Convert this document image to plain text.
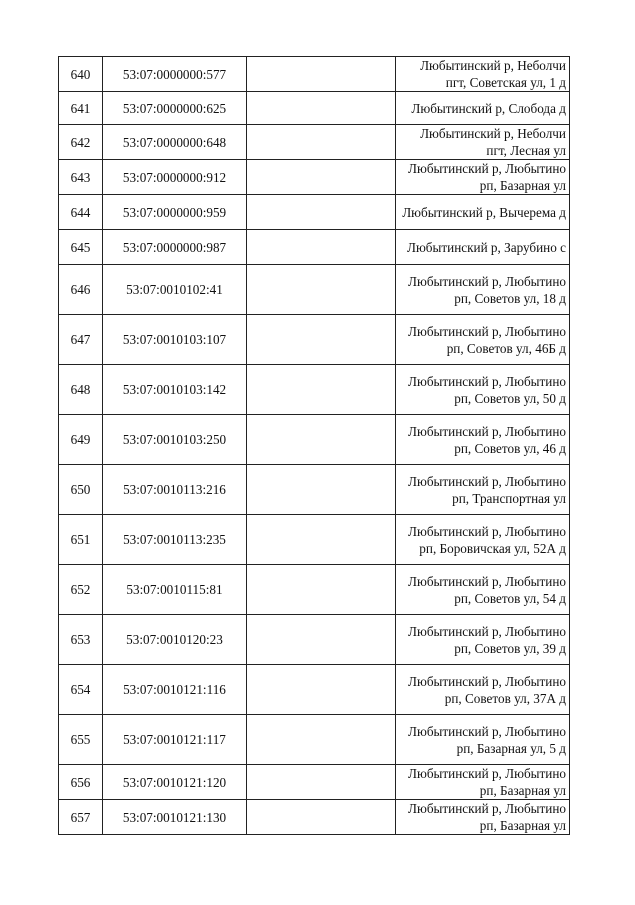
640	53:07:0000000:577		Любытинский р, Неболчи
пгт, Советская ул, 1 д

641	53:07:0000000:625		Любытинский р, Слобода д

642	53:07:0000000:648		Любытинский р, Неболчи
пгт, Лесная ул

643	53:07:0000000:912		Любытинский р, Любытино
рп, Базарная ул

644	53:07:0000000:959		Любытинский р, Вычерема д

645	53:07:0000000:987		Любытинский р, Зарубино с

646	53:07:0010102:41		Любытинский р, Любытино
рп, Советов ул, 18 д

647	53:07:0010103:107		Любытинский р, Любытино
рп, Советов ул, 46Б д

648	53:07:0010103:142		Любытинский р, Любытино
рп, Советов ул, 50 д

649	53:07:0010103:250		Любытинский р, Любытино
рп, Советов ул, 46 д

650	53:07:0010113:216		Любытинский р, Любытино
рп, Транспортная ул

651	53:07:0010113:235		Любытинский р, Любытино
рп, Боровичская ул, 52А д

652	53:07:0010115:81		Любытинский р, Любытино
рп, Советов ул, 54 д

653	53:07:0010120:23		Любытинский р, Любытино
рп, Советов ул, 39 д

654	53:07:0010121:116		Любытинский р, Любытино
рп, Советов ул, 37А д

655	53:07:0010121:117		Любытинский р, Любытино
рп, Базарная ул, 5 д

656	53:07:0010121:120		Любытинский р, Любытино
рп, Базарная ул

657	53:07:0010121:130		Любытинский р, Любытино
рп, Базарная ул
